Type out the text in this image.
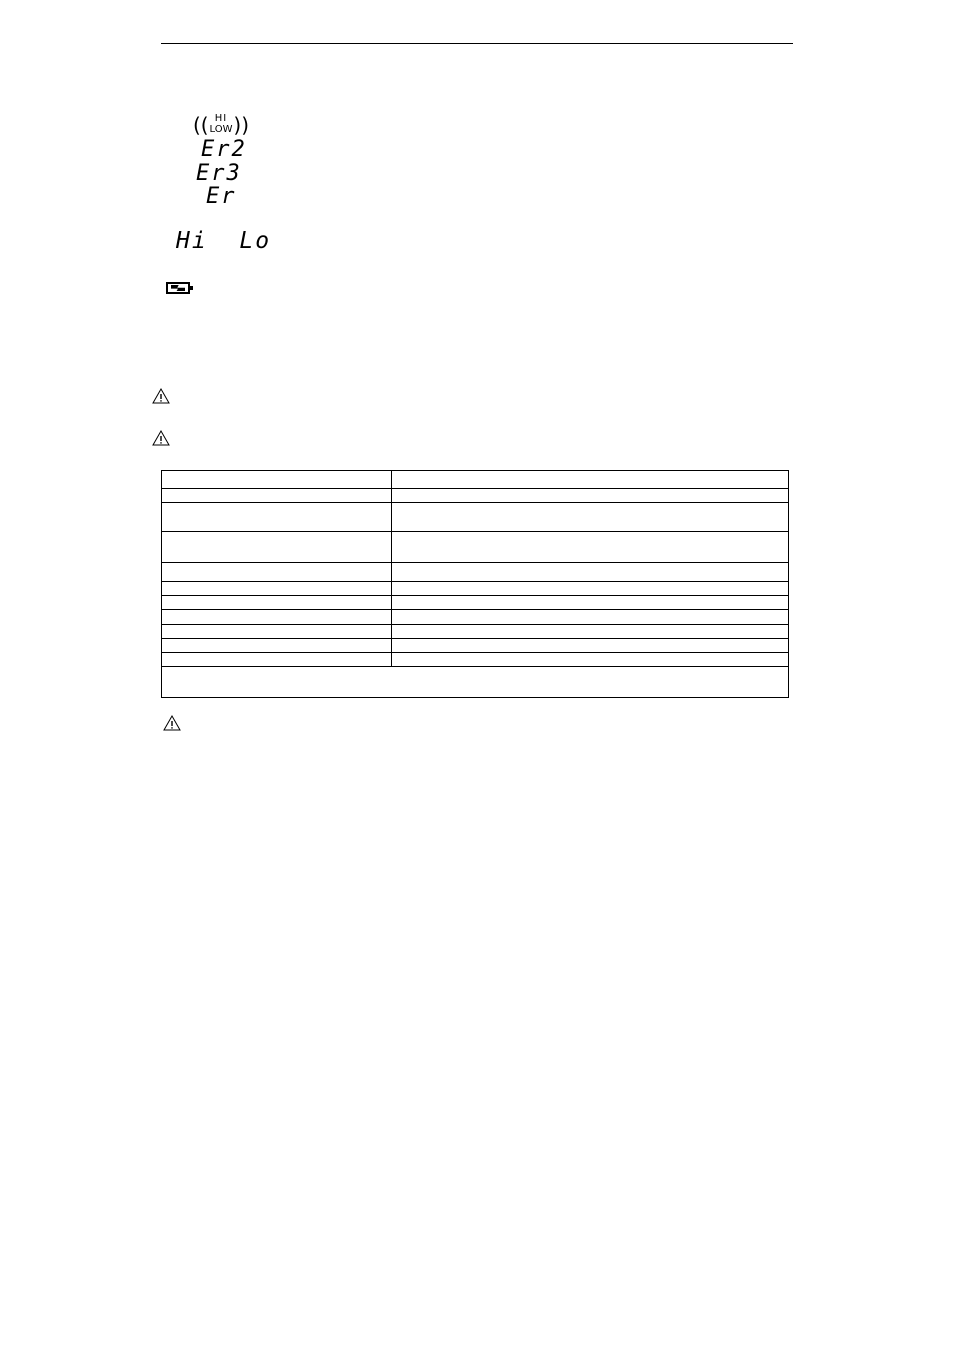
(( HI
LOW ))
Er2
Er3
Er
Hi  Lo
